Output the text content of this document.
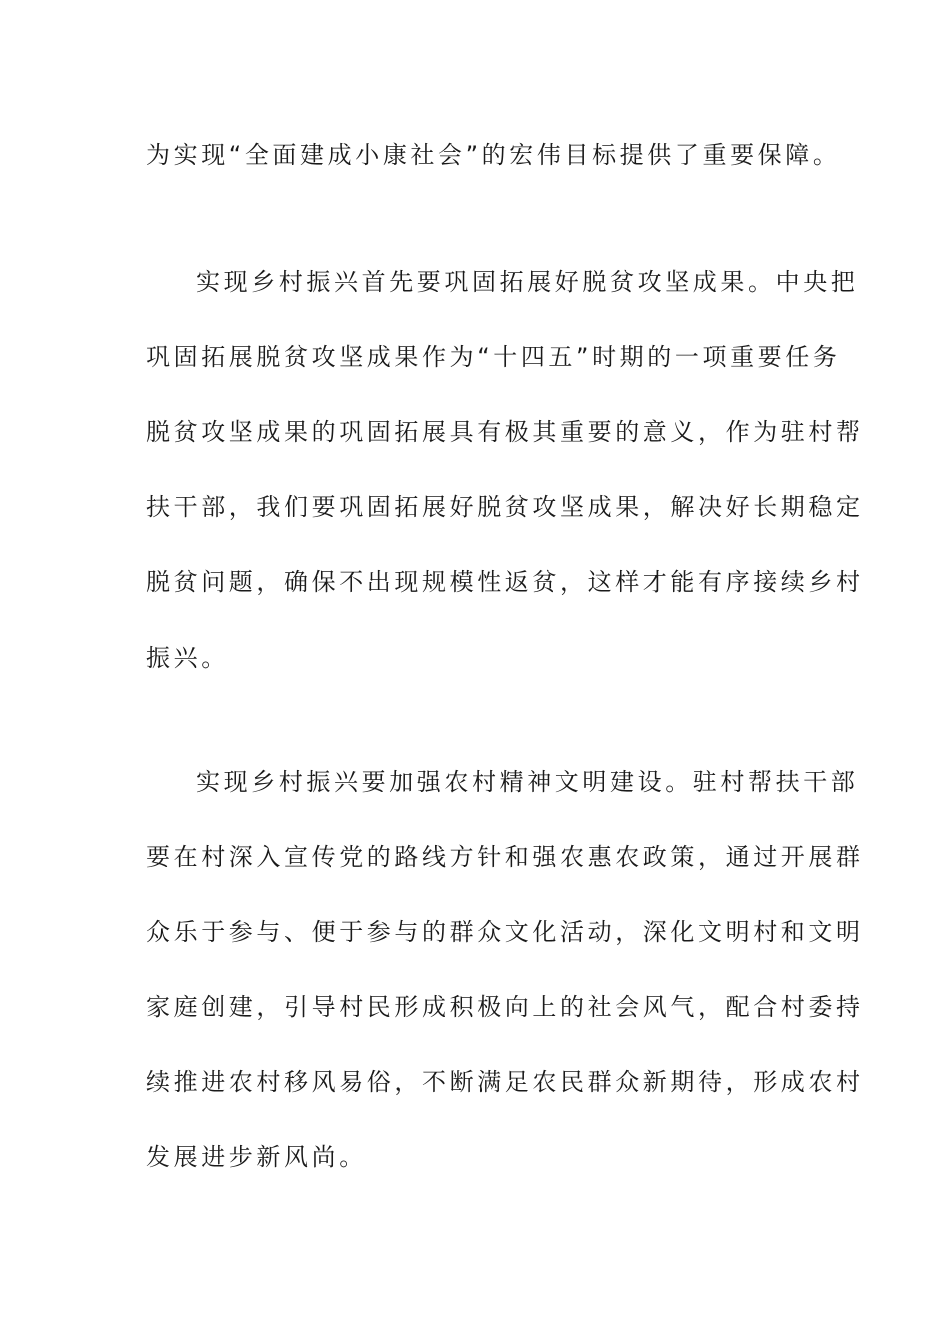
为实现“全面建成小康社会”的宏伟目标提供了重要保障。
实现乡村振兴首先要巩固拓展好脱贫攻坚成果。中央把
巩固拓展脱贫攻坚成果作为“十四五”时期的一项重要任务
脱贫攻坚成果的巩固拓展具有极其重要的意义，作为驻村帮
扶干部，我们要巩固拓展好脱贫攻坚成果，解决好长期稳定
脱贫问题，确保不出现规模性返贫，这样才能有序接续乡村
振兴。
实现乡村振兴要加强农村精神文明建设。驻村帮扶干部
要在村深入宣传党的路线方针和强农惠农政策，通过开展群
众乐于参与、便于参与的群众文化活动，深化文明村和文明
家庭创建，引导村民形成积极向上的社会风气，配合村委持
续推进农村移风易俗，不断满足农民群众新期待，形成农村
发展进步新风尚。
